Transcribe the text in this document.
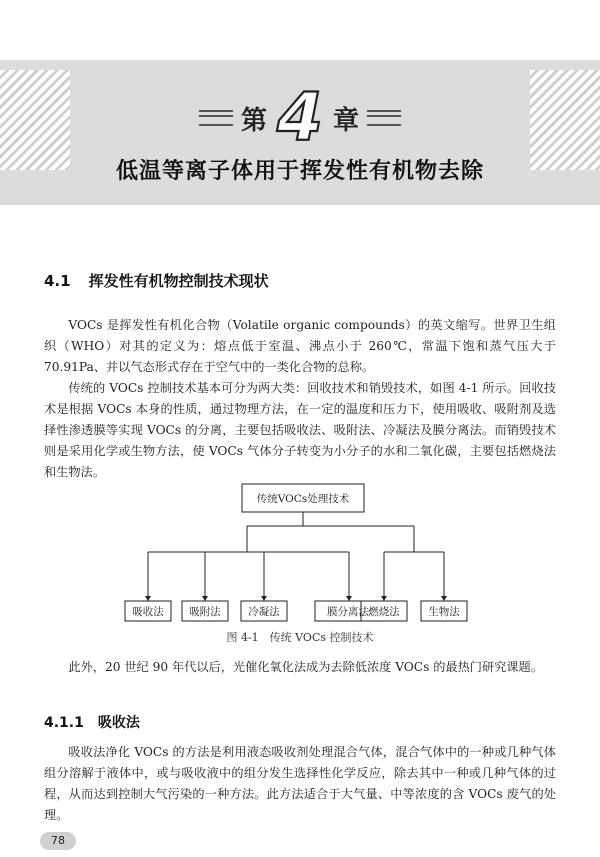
第 4 章
低温等离子体用于挥发性有机物去除
4.1 挥发性有机物控制技术现状

VOCs 是挥发性有机化合物（Volatile organic compounds）的英文缩写。世界卫生组织（WHO）对其的定义为：熔点低于室温、沸点小于 260℃，常温下饱和蒸气压大于 70.91Pa、并以气态形式存在于空气中的一类化合物的总称。

传统的 VOCs 控制技术基本可分为两大类：回收技术和销毁技术，如图 4-1 所示。回收技术是根据 VOCs 本身的性质，通过物理方法，在一定的温度和压力下，使用吸收、吸附剂及选择性渗透膜等实现 VOCs 的分离，主要包括吸收法、吸附法、冷凝法及膜分离法。而销毁技术则是采用化学或生物方法，使 VOCs 气体分子转变为小分子的水和二氧化碳，主要包括燃烧法和生物法。

传统VOCs处理技术
吸收法 吸附法	冷凝法	膜分离法 燃烧法	生物法
图 4-1　传统 VOCs 控制技术

此外，20 世纪 90 年代以后，光催化氧化法成为去除低浓度 VOCs 的最热门研究课题。

4.1.1 吸收法

吸收法净化 VOCs 的方法是利用液态吸收剂处理混合气体，混合气体中的一种或几种气体组分溶解于液体中，或与吸收液中的组分发生选择性化学反应，除去其中一种或几种气体的过程，从而达到控制大气污染的一种方法。此方法适合于大气量、中等浓度的含 VOCs 废气的处理。

78
